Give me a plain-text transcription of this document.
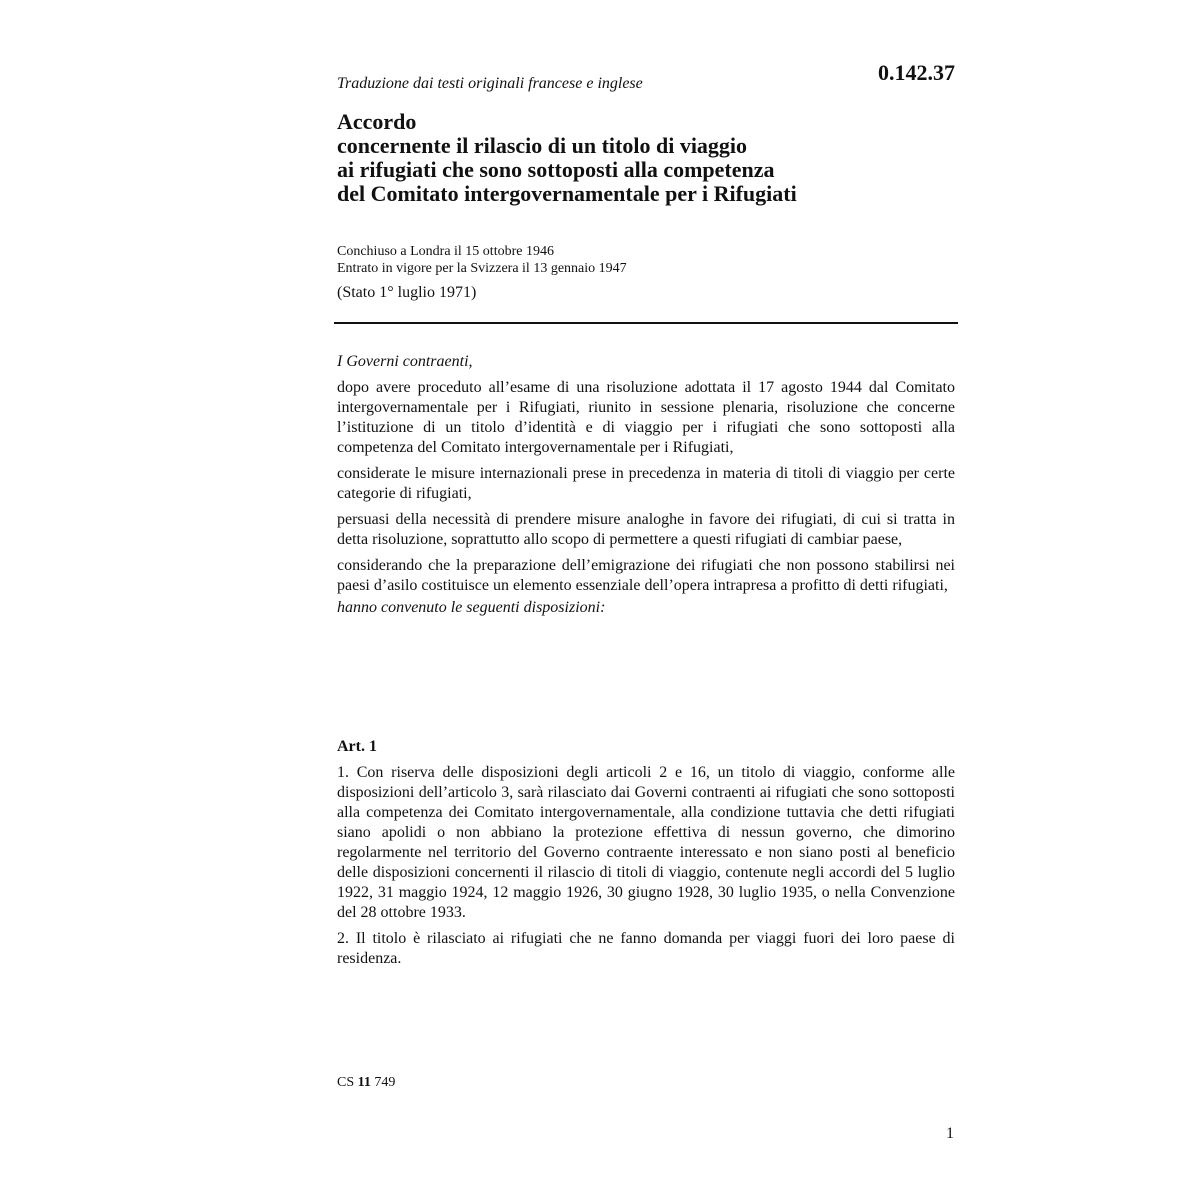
0.142.37
Traduzione dai testi originali francese e inglese
Accordo
concernente il rilascio di un titolo di viaggio
ai rifugiati che sono sottoposti alla competenza
del Comitato intergovernamentale per i Rifugiati
Conchiuso a Londra il 15 ottobre 1946
Entrato in vigore per la Svizzera il 13 gennaio 1947
(Stato 1° luglio 1971)

I Governi contraenti,

dopo avere proceduto all’esame di una risoluzione adottata il 17 agosto 1944 dal Comitato intergovernamentale per i Rifugiati, riunito in sessione plenaria, risoluzione che concerne l’istituzione di un titolo d’identità e di viaggio per i rifugiati che sono sottoposti alla competenza del Comitato intergovernamentale per i Rifugiati,

considerate le misure internazionali prese in precedenza in materia di titoli di viaggio per certe categorie di rifugiati,

persuasi della necessità di prendere misure analoghe in favore dei rifugiati, di cui si tratta in detta risoluzione, soprattutto allo scopo di permettere a questi rifugiati di cambiar paese,

considerando che la preparazione dell’emigrazione dei rifugiati che non possono stabilirsi nei paesi d’asilo costituisce un elemento essenziale dell’opera intrapresa a profitto di detti rifugiati,

hanno convenuto le seguenti disposizioni:

Art. 1

1. Con riserva delle disposizioni degli articoli 2 e 16, un titolo di viaggio, conforme alle disposizioni dell’articolo 3, sarà rilasciato dai Governi contraenti ai rifugiati che sono sottoposti alla competenza dei Comitato intergovernamentale, alla condizione tuttavia che detti rifugiati siano apolidi o non abbiano la protezione effettiva di nessun governo, che dimorino regolarmente nel territorio del Governo contraente interessato e non siano posti al beneficio delle disposizioni concernenti il rilascio di titoli di viaggio, contenute negli accordi del 5 luglio 1922, 31 maggio 1924, 12 maggio 1926, 30 giugno 1928, 30 luglio 1935, o nella Convenzione del 28 ottobre 1933.

2. Il titolo è rilasciato ai rifugiati che ne fanno domanda per viaggi fuori dei loro paese di residenza.

CS 11 749
1
